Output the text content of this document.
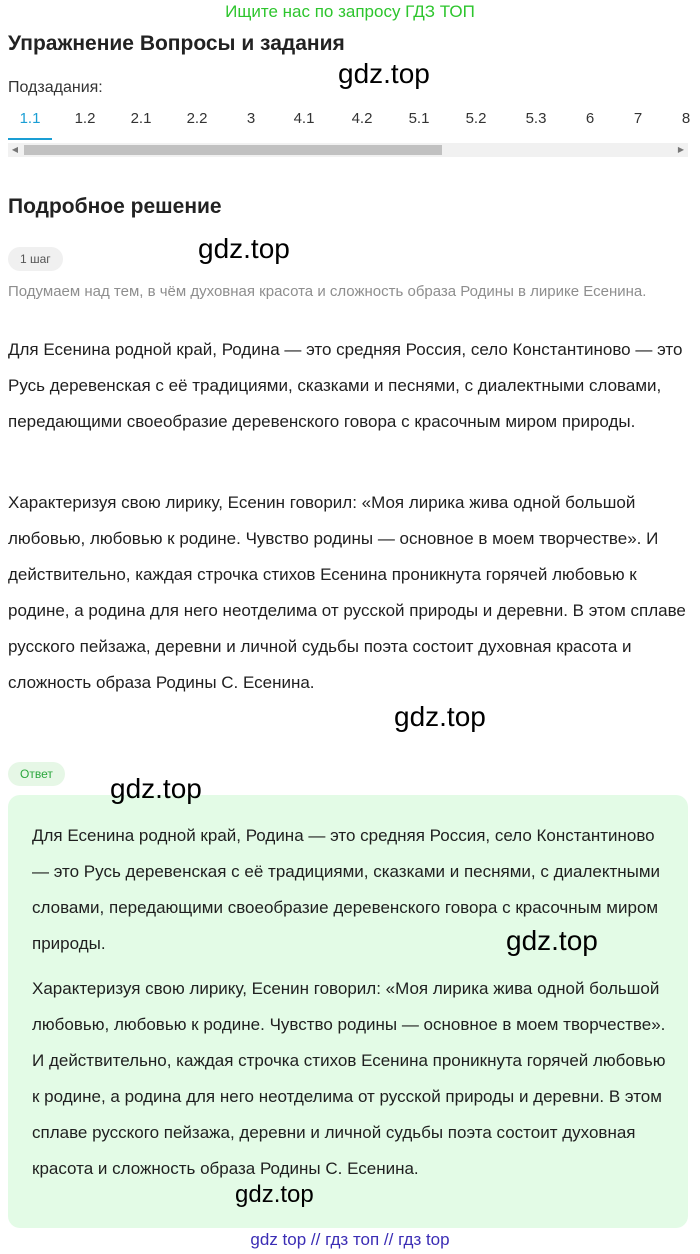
Ищите нас по запросу ГДЗ ТОП
Упражнение Вопросы и задания
Подзадания:
1.1	1.2	2.1	2.2	3	4.1	4.2	5.1	5.2	5.3	6	7	8
◀	▶
Подробное решение
1 шаг
Подумаем над тем, в чём духовная красота и сложность образа Родины в лирике Есенина.
Для Есенина родной край, Родина — это средняя Россия, село Константиново — это Русь деревенская с её традициями, сказками и песнями, с диалектными словами, передающими своеобразие деревенского говора с красочным миром природы.
Характеризуя свою лирику, Есенин говорил: «Моя лирика жива одной большой любовью, любовью к родине. Чувство родины — основное в моем творчестве». И действительно, каждая строчка стихов Есенина проникнута горячей любовью к родине, а родина для него неотделима от русской природы и деревни. В этом сплаве русского пейзажа, деревни и личной судьбы поэта состоит духовная красота и сложность образа Родины С. Есенина.
Ответ
Для Есенина родной край, Родина — это средняя Россия, село Константиново — это Русь деревенская с её традициями, сказками и песнями, с диалектными словами, передающими своеобразие деревенского говора с красочным миром природы.
Характеризуя свою лирику, Есенин говорил: «Моя лирика жива одной большой любовью, любовью к родине. Чувство родины — основное в моем творчестве». И действительно, каждая строчка стихов Есенина проникнута горячей любовью к родине, а родина для него неотделима от русской природы и деревни. В этом сплаве русского пейзажа, деревни и личной судьбы поэта состоит духовная красота и сложность образа Родины С. Есенина.
gdz.top
gdz.top
gdz.top
gdz.top
gdz.top
gdz.top
gdz top // гдз топ // гдз top
